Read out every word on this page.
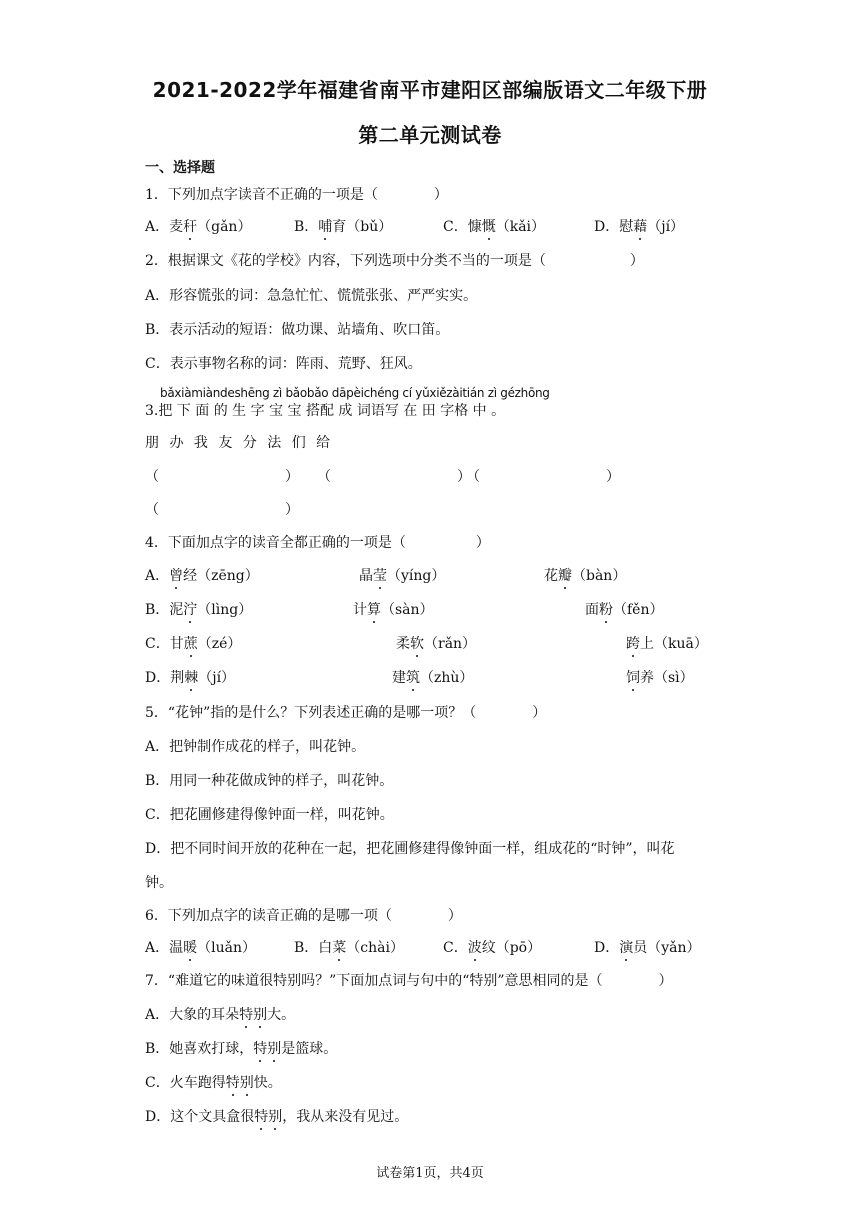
2021-2022学年福建省南平市建阳区部编版语文二年级下册
第二单元测试卷
一、选择题
1．下列加点字读音不正确的一项是（　　　　）
A．麦秆（gǎn）	B．哺育（bǔ）	C．慷慨（kǎi）	D．慰藉（jí）
2．根据课文《花的学校》内容，下列选项中分类不当的一项是（　　　　　　）
A．形容慌张的词：急急忙忙、慌慌张张、严严实实。
B．表示活动的短语：做功课、站墙角、吹口笛。
C．表示事物名称的词：阵雨、荒野、狂风。
bǎxiàmiàndeshēng zì bǎobǎo dāpèichéng cí yǔxiězàitián zì gézhōng
3.把 下 面 的 生 字 宝 宝 搭配 成 词语写 在 田 字格 中 。
朋 办 我 友 分 法 们 给
（　　　　　　　　　） （　　　　　　　　　）
（　　　　　　　　　）
（　　　　　　　　　）
4．下面加点字的读音全都正确的一项是（　　　　　）
A．曾经（zēng）	晶莹（yíng）	花瓣（bàn）
B．泥泞（lìng）	计算（sàn）	面粉（fěn）
C．甘蔗（zé）	柔软（rǎn）	跨上（kuā）
D．荆棘（jí）	建筑（zhù）	饲养（sì）
5．“花钟”指的是什么？下列表述正确的是哪一项？（　　　　）
A．把钟制作成花的样子，叫花钟。
B．用同一种花做成钟的样子，叫花钟。
C．把花圃修建得像钟面一样，叫花钟。
D．把不同时间开放的花种在一起，把花圃修建得像钟面一样，组成花的“时钟”，叫花
钟。
6．下列加点字的读音正确的是哪一项（　　　　）
A．温暖（luǎn）	B．白菜（chài）	C．波纹（pō）	D．演员（yǎn）
7．“难道它的味道很特别吗？”下面加点词与句中的“特别”意思相同的是（　　　　）
A．大象的耳朵特别大。
B．她喜欢打球，特别是篮球。
C．火车跑得特别快。
D．这个文具盒很特别，我从来没有见过。
试卷第1页，共4页
